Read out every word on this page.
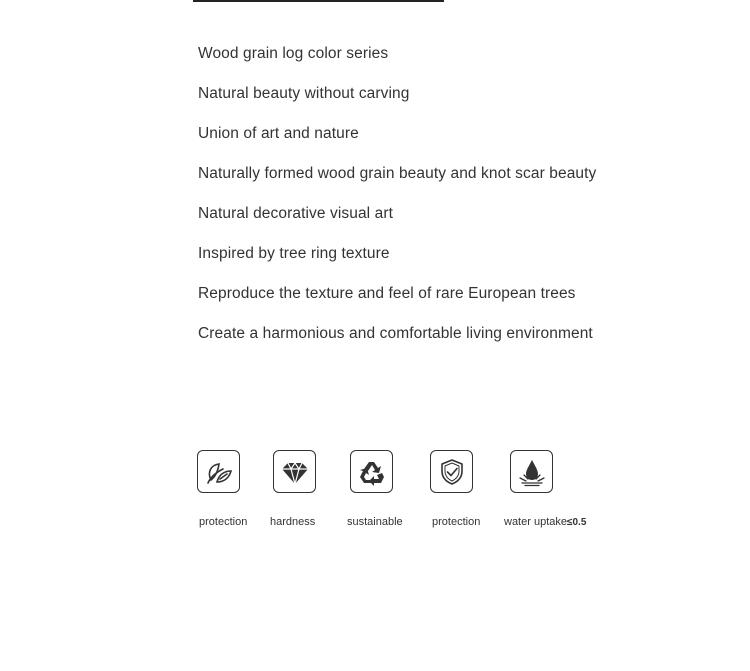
Wood grain log color series
Natural beauty without carving
Union of art and nature
Naturally formed wood grain beauty and knot scar beauty
Natural decorative visual art
Inspired by tree ring texture
Reproduce the texture and feel of rare European trees
Create a harmonious and comfortable living environment
protection hardness	sustainable	protection water uptake≤0.5
